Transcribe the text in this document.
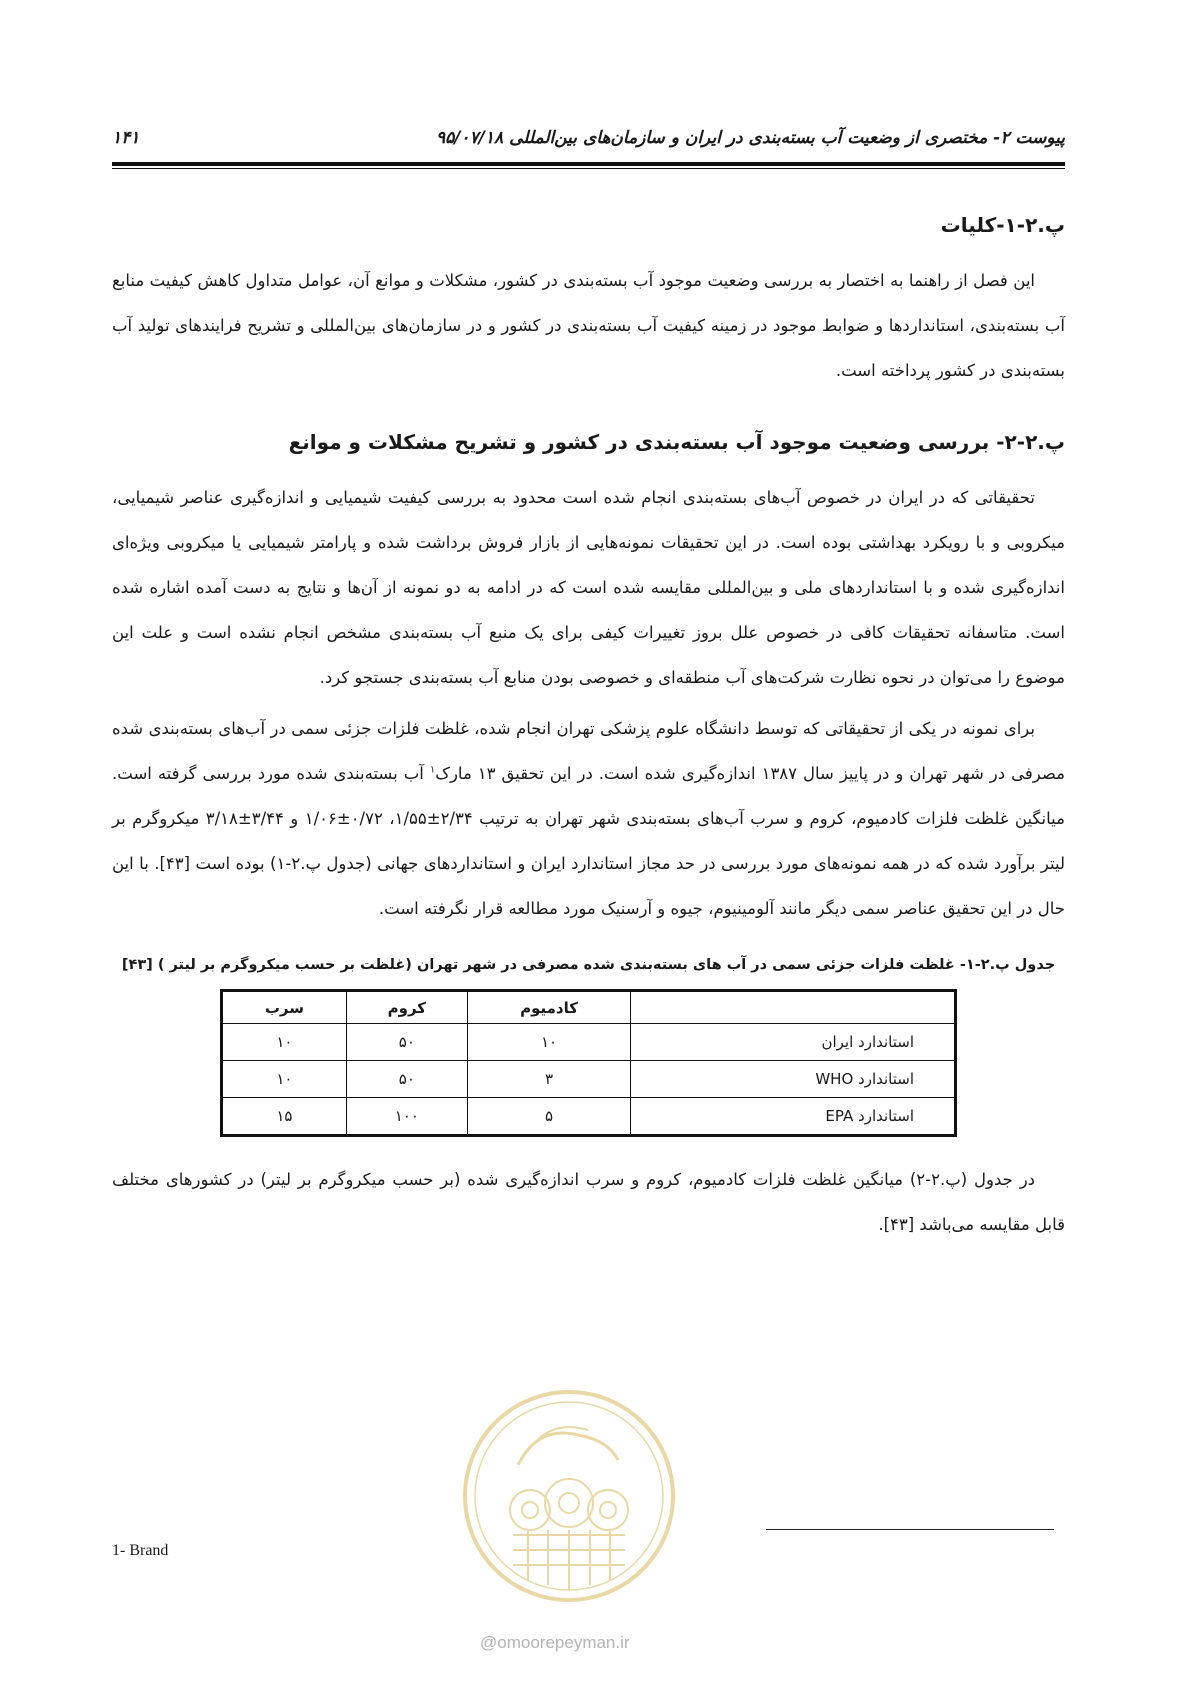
پیوست ۲- مختصری از وضعیت آب بسته‌بندی در ایران و سازمان‌های بین‌المللی ۹۵/۰۷/۱۸
۱۴۱
پ.۲-۱-کلیات

این فصل از راهنما به اختصار به بررسی وضعیت موجود آب بسته‌بندی در کشور، مشکلات و موانع آن، عوامل متداول کاهش کیفیت منابع آب بسته‌بندی، استانداردها و ضوابط موجود در زمینه کیفیت آب بسته‌بندی در کشور و در سازمان‌های بین‌المللی و تشریح فرایندهای تولید آب بسته‌بندی در کشور پرداخته است.

پ.۲-۲- بررسی وضعیت موجود آب بسته‌بندی در کشور و تشریح مشکلات و موانع

تحقیقاتی که در ایران در خصوص آب‌های بسته‌بندی انجام شده است محدود به بررسی کیفیت شیمیایی و اندازه‌گیری عناصر شیمیایی، میکروبی و با رویکرد بهداشتی بوده است. در این تحقیقات نمونه‌هایی از بازار فروش برداشت شده و پارامتر شیمیایی یا میکروبی ویژه‌ای اندازه‌گیری شده و با استانداردهای ملی و بین‌المللی مقایسه شده است که در ادامه به دو نمونه از آن‌ها و نتایج به دست آمده اشاره شده است. متاسفانه تحقیقات کافی در خصوص علل بروز تغییرات کیفی برای یک منبع آب بسته‌بندی مشخص انجام نشده است و علت این موضوع را می‌توان در نحوه نظارت شرکت‌های آب منطقه‌ای و خصوصی بودن منابع آب بسته‌بندی جستجو کرد.

برای نمونه در یکی از تحقیقاتی که توسط دانشگاه علوم پزشکی تهران انجام شده، غلظت فلزات جزئی سمی در آب‌های بسته‌بندی شده مصرفی در شهر تهران و در پاییز سال ۱۳۸۷ اندازه‌گیری شده است. در این تحقیق ۱۳ مارک$^۱$ آب بسته‌بندی شده مورد بررسی گرفته است. میانگین غلظت فلزات کادمیوم، کروم و سرب آب‌های بسته‌بندی شهر تهران به ترتیب ۲/۳۴±۱/۵۵، ۰/۷۲±۱/۰۶ و ۳/۴۴±۳/۱۸ میکروگرم بر لیتر برآورد شده که در همه نمونه‌های مورد بررسی در حد مجاز استاندارد ایران و استانداردهای جهانی (جدول پ.۲-۱) بوده است [۴۳]. با این حال در این تحقیق عناصر سمی دیگر مانند آلومینیوم، جیوه و آرسنیک مورد مطالعه قرار نگرفته است.

جدول پ.۲-۱- غلظت فلزات جزئی سمی در آب های بسته‌بندی شده مصرفی در شهر تهران (غلظت بر حسب میکروگرم بر لیتر ) [۴۳]
	کادمیوم	کروم	سرب
استاندارد ایران	۱۰	۵۰	۱۰
استاندارد WHO	۳	۵۰	۱۰
استاندارد EPA	۵	۱۰۰	۱۵

در جدول (پ.۲-۲) میانگین غلظت فلزات کادمیوم، کروم و سرب اندازه‌گیری شده (بر حسب میکروگرم بر لیتر) در کشورهای مختلف قابل مقایسه می‌باشد [۴۳].

@omoorepeyman.ir
1- Brand
